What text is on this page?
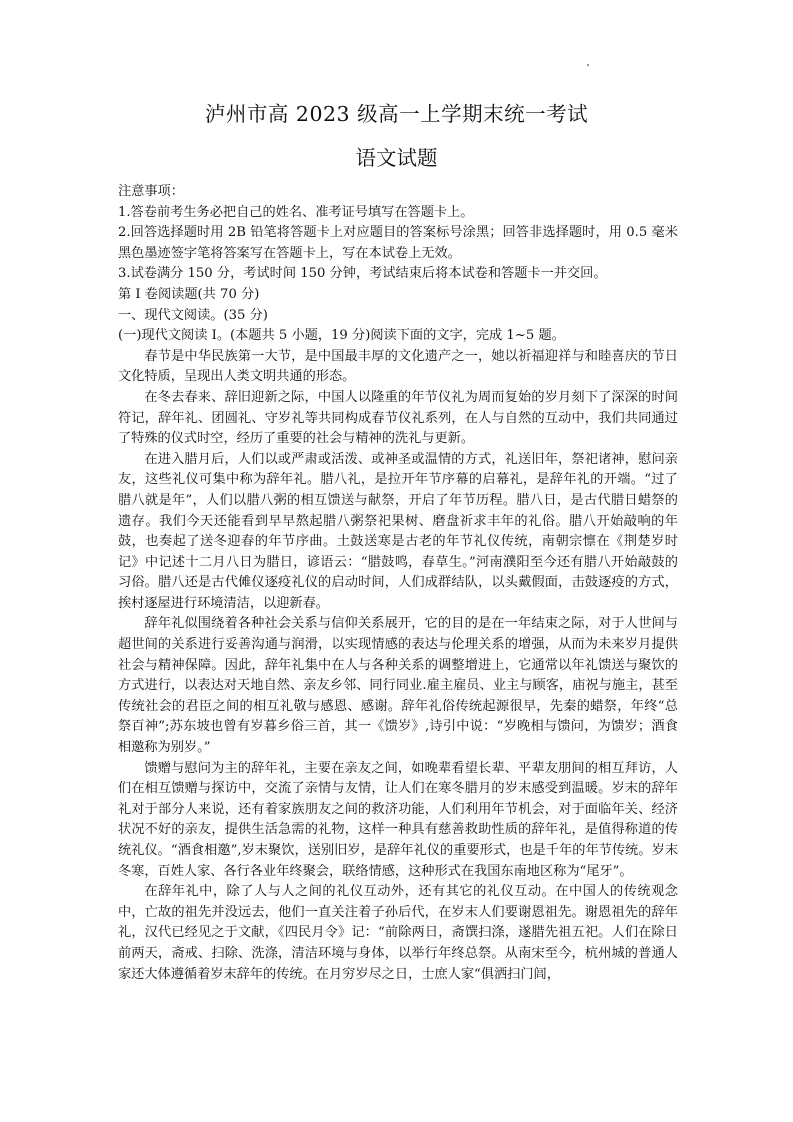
泸州市高 2023 级高一上学期末统一考试
语文试题

注意事项：

1.答卷前考生务必把自己的姓名、准考证号填写在答题卡上。

2.回答选择题时用 2B 铅笔将答题卡上对应题目的答案标号涂黑；回答非选择题时，用 0.5 毫米黑色墨迹签字笔将答案写在答题卡上，写在本试卷上无效。

3.试卷满分 150 分，考试时间 150 分钟，考试结束后将本试卷和答题卡一并交回。

第 Ⅰ 卷阅读题(共 70 分)

一、现代文阅读。(35 分)

(一)现代文阅读 Ⅰ。(本题共 5 小题，19 分)阅读下面的文字，完成 1~5 题。

春节是中华民族第一大节，是中国最丰厚的文化遗产之一，她以祈福迎祥与和睦喜庆的节日文化特质，呈现出人类文明共通的形态。

在冬去春来、辞旧迎新之际，中国人以隆重的年节仪礼为周而复始的岁月刻下了深深的时间符记，辞年礼、团圆礼、守岁礼等共同构成春节仪礼系列，在人与自然的互动中，我们共同通过了特殊的仪式时空，经历了重要的社会与精神的洗礼与更新。

在进入腊月后，人们以或严肃或活泼、或神圣或温情的方式，礼送旧年，祭祀诸神，慰问亲友，这些礼仪可集中称为辞年礼。腊八礼，是拉开年节序幕的启幕礼，是辞年礼的开端。“过了腊八就是年”，人们以腊八粥的相互馈送与献祭，开启了年节历程。腊八日，是古代腊日蜡祭的遗存。我们今天还能看到早早熬起腊八粥祭祀果树、磨盘祈求丰年的礼俗。腊八开始敲响的年鼓，也奏起了送冬迎春的年节序曲。土鼓送寒是古老的年节礼仪传统，南朝宗懔在《荆楚岁时记》中记述十二月八日为腊日，谚语云：“腊鼓鸣，春草生。”河南濮阳至今还有腊八开始敲鼓的习俗。腊八还是古代傩仪逐疫礼仪的启动时间，人们成群结队，以头戴假面，击鼓逐疫的方式，挨村逐屋进行环境清洁，以迎新春。

辞年礼似围绕着各种社会关系与信仰关系展开，它的目的是在一年结束之际，对于人世间与超世间的关系进行妥善沟通与润滑，以实现情感的表达与伦理关系的增强，从而为未来岁月提供社会与精神保障。因此，辞年礼集中在人与各种关系的调整增进上，它通常以年礼馈送与聚饮的方式进行，以表达对天地自然、亲友乡邻、同行同业.雇主雇员、业主与顾客，庙祝与施主，甚至传统社会的君臣之间的相互礼敬与感恩、感谢。辞年礼俗传统起源很早，先秦的蜡祭，年终“总祭百神”;苏东坡也曾有岁暮乡俗三首，其一《馈岁》,诗引中说：“岁晚相与馈问，为馈岁；酒食相邀称为别岁。”

馈赠与慰问为主的辞年礼，主要在亲友之间，如晚辈看望长辈、平辈友朋间的相互拜访，人们在相互馈赠与探访中，交流了亲情与友情，让人们在寒冬腊月的岁末感受到温暖。岁末的辞年礼对于部分人来说，还有着家族朋友之间的救济功能，人们利用年节机会，对于面临年关、经济状况不好的亲友，提供生活急需的礼物，这样一种具有慈善救助性质的辞年礼，是值得称道的传统礼仪。“酒食相邀”,岁末聚饮，送别旧岁，是辞年礼仪的重要形式，也是千年的年节传统。岁末冬寒，百姓人家、各行各业年终聚会，联络情感，这种形式在我国东南地区称为“尾牙”。

在辞年礼中，除了人与人之间的礼仪互动外，还有其它的礼仪互动。在中国人的传统观念中，亡故的祖先并没远去，他们一直关注着子孙后代，在岁末人们要谢恩祖先。谢恩祖先的辞年礼，汉代已经见之于文献，《四民月令》记：“前除两日，斋馔扫涤，遂腊先祖五祀。人们在除日前两天，斋戒、扫除、洗涤，清洁环境与身体，以举行年终总祭。从南宋至今，杭州城的普通人家还大体遵循着岁末辞年的传统。在月穷岁尽之日，士庶人家“俱洒扫门闾，
